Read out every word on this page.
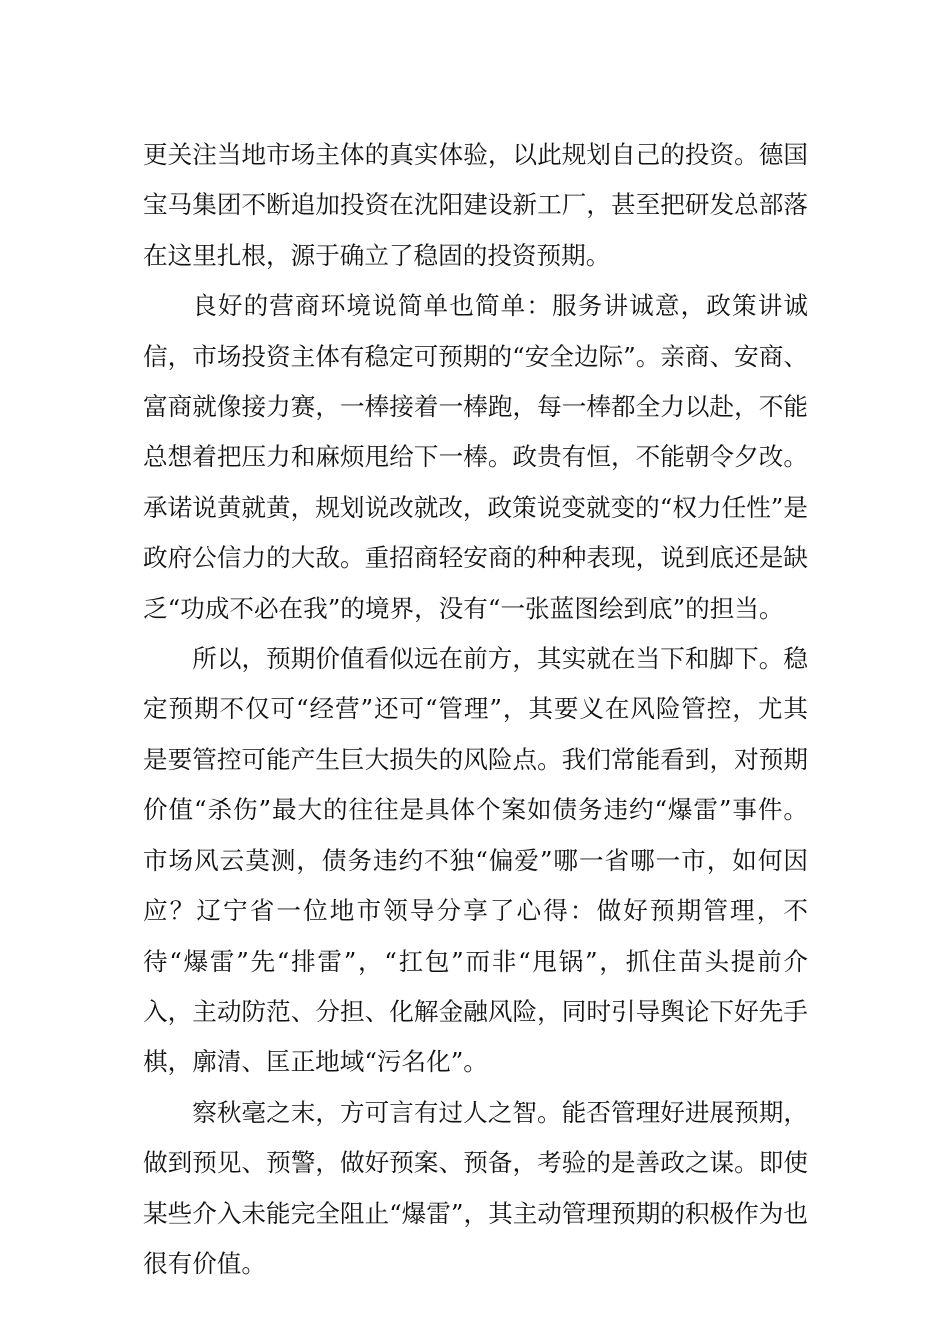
更关注当地市场主体的真实体验，以此规划自己的投资。德国宝马集团不断追加投资在沈阳建设新工厂，甚至把研发总部落在这里扎根，源于确立了稳固的投资预期。

良好的营商环境说简单也简单：服务讲诚意，政策讲诚信，市场投资主体有稳定可预期的“安全边际”。亲商、安商、富商就像接力赛，一棒接着一棒跑，每一棒都全力以赴，不能总想着把压力和麻烦甩给下一棒。政贵有恒，不能朝令夕改。承诺说黄就黄，规划说改就改，政策说变就变的“权力任性”是政府公信力的大敌。重招商轻安商的种种表现，说到底还是缺乏“功成不必在我”的境界，没有“一张蓝图绘到底”的担当。

所以，预期价值看似远在前方，其实就在当下和脚下。稳定预期不仅可“经营”还可“管理”，其要义在风险管控，尤其是要管控可能产生巨大损失的风险点。我们常能看到，对预期价值“杀伤”最大的往往是具体个案如债务违约“爆雷”事件。市场风云莫测，债务违约不独“偏爱”哪一省哪一市，如何因应？辽宁省一位地市领导分享了心得：做好预期管理，不待“爆雷”先“排雷”，“扛包”而非“甩锅”，抓住苗头提前介入，主动防范、分担、化解金融风险，同时引导舆论下好先手棋，廓清、匡正地域“污名化”。

察秋毫之末，方可言有过人之智。能否管理好进展预期，做到预见、预警，做好预案、预备，考验的是善政之谋。即使某些介入未能完全阻止“爆雷”，其主动管理预期的积极作为也很有价值。
